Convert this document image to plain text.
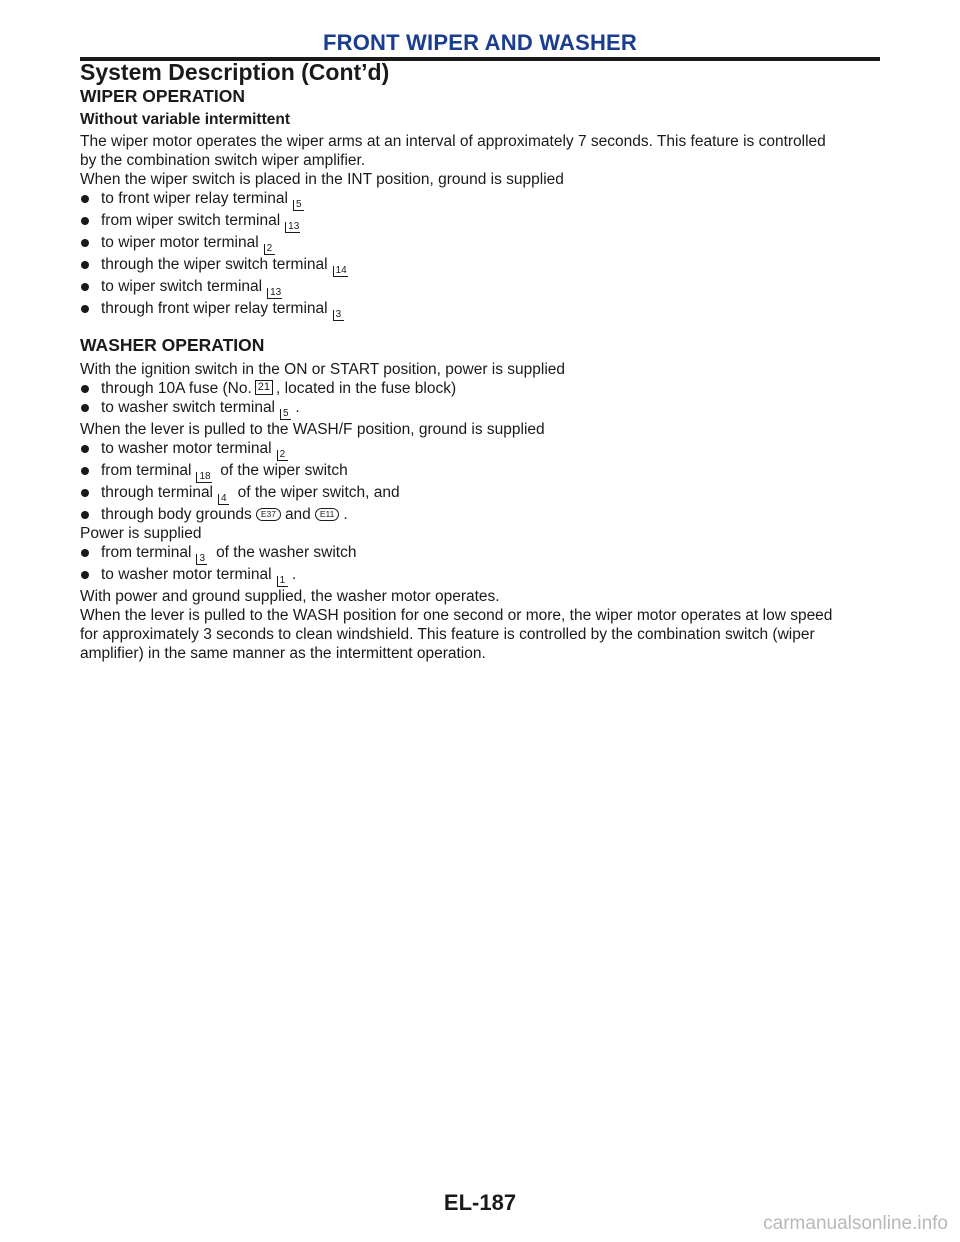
FRONT WIPER AND WASHER
System Description (Cont’d)
WIPER OPERATION
Without variable intermittent

The wiper motor operates the wiper arms at an interval of approximately 7 seconds. This feature is controlled

by the combination switch wiper amplifier.

When the wiper switch is placed in the INT position, ground is supplied

to front wiper relay terminal 5
from wiper switch terminal 13
to wiper motor terminal 2
through the wiper switch terminal 14
to wiper switch terminal 13
through front wiper relay terminal 3
WASHER OPERATION

With the ignition switch in the ON or START position, power is supplied

through 10A fuse (No. 21 , located in the fuse block)
to washer switch terminal 5 .

When the lever is pulled to the WASH/F position, ground is supplied

to washer motor terminal 2
from terminal 18 of the wiper switch
through terminal 4 of the wiper switch, and
through body grounds E37 and E11 .

Power is supplied

from terminal 3 of the washer switch
to washer motor terminal 1 .

With power and ground supplied, the washer motor operates.

When the lever is pulled to the WASH position for one second or more, the wiper motor operates at low speed

for approximately 3 seconds to clean windshield. This feature is controlled by the combination switch (wiper

amplifier) in the same manner as the intermittent operation.

EL-187
carmanualsonline.info
